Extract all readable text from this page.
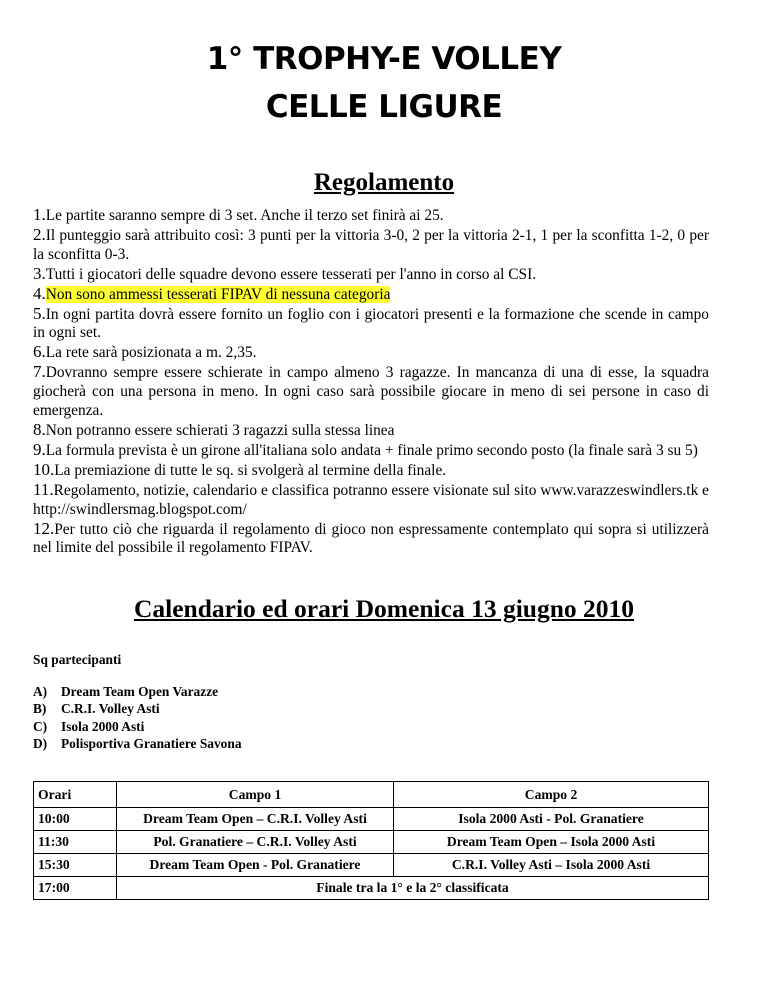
1° TROPHY-E VOLLEY
CELLE LIGURE
Regolamento
1.Le partite saranno sempre di 3 set. Anche il terzo set finirà ai 25.
2.Il punteggio sarà attribuito così: 3 punti per la vittoria 3-0, 2 per la vittoria 2-1, 1 per la sconfitta 1-2, 0 per la sconfitta 0-3.
3.Tutti i giocatori delle squadre devono essere tesserati per l'anno in corso al CSI.
4.Non sono ammessi tesserati FIPAV di nessuna categoria
5.In ogni partita dovrà essere fornito un foglio con i giocatori presenti e la formazione che scende in campo in ogni set.
6.La rete sarà posizionata a m. 2,35.
7.Dovranno sempre essere schierate in campo almeno 3 ragazze. In mancanza di una di esse, la squadra giocherà con una persona in meno. In ogni caso sarà possibile giocare in meno di sei persone in caso di emergenza.
8.Non potranno essere schierati 3 ragazzi sulla stessa linea
9.La formula prevista è un girone all'italiana solo andata + finale primo secondo posto (la finale sarà 3 su 5)
10.La premiazione di tutte le sq. si svolgerà al termine della finale.
11.Regolamento, notizie, calendario e classifica potranno essere visionate sul sito www.varazzeswindlers.tk e http://swindlersmag.blogspot.com/
12.Per tutto ciò che riguarda il regolamento di gioco non espressamente contemplato qui sopra si utilizzerà nel limite del possibile il regolamento FIPAV.
Calendario ed orari Domenica 13 giugno 2010
Sq partecipanti
A) Dream Team Open Varazze
B) C.R.I. Volley Asti
C) Isola 2000 Asti
D) Polisportiva Granatiere Savona
Orari	Campo 1	Campo 2
10:00	Dream Team Open – C.R.I. Volley Asti	Isola 2000 Asti - Pol. Granatiere
11:30	Pol. Granatiere – C.R.I. Volley Asti	Dream Team Open – Isola 2000 Asti
15:30	Dream Team Open - Pol. Granatiere	C.R.I. Volley Asti – Isola 2000 Asti
17:00	Finale tra la 1° e la 2° classificata	
